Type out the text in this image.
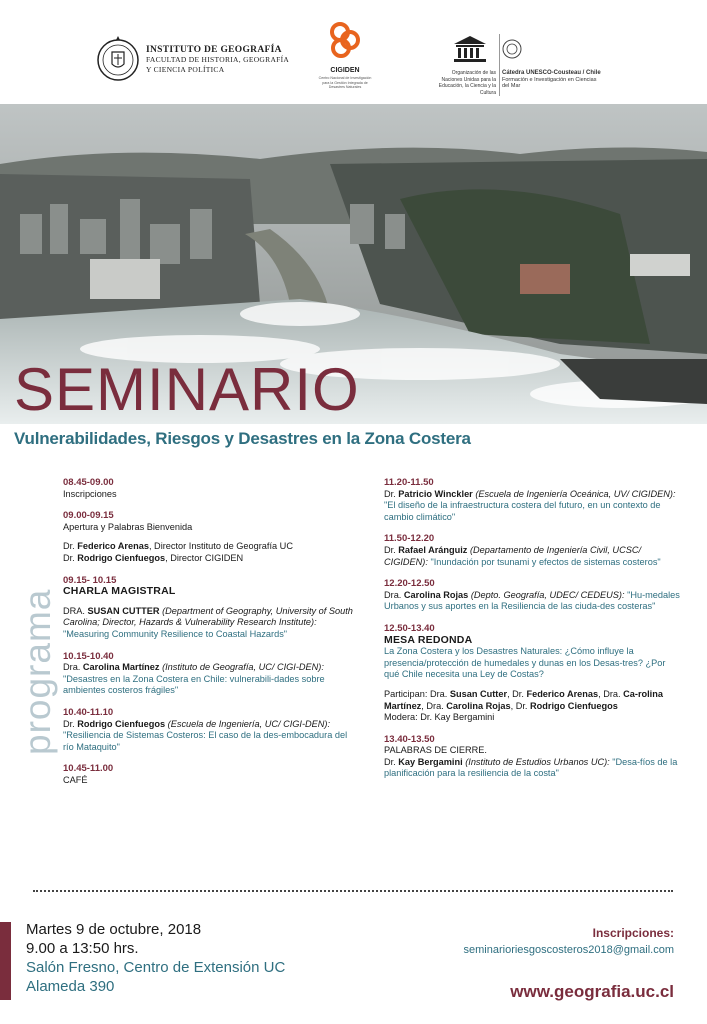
INSTITUTO DE GEOGRAFÍA
FACULTAD DE HISTORIA, GEOGRAFÍA
Y CIENCIA POLÍTICA	CIGIDEN
Centro Nacional de Investigación para la Gestión Integrada de Desastres Naturales
Organización de las Naciones Unidas para la Educación, la Ciencia y la Cultura
Cátedra UNESCO-Cousteau / Chile
Formación e Investigación en Ciencias del Mar
SEMINARIO
Vulnerabilidades, Riesgos y Desastres en la Zona Costera
programa
08.45-09.00
Inscripciones
09.00-09.15
Apertura y Palabras Bienvenida
Dr. Federico Arenas, Director Instituto de Geografía UC
Dr. Rodrigo Cienfuegos, Director CIGIDEN
09.15- 10.15
CHARLA MAGISTRAL
DRA. SUSAN CUTTER (Department of Geography, University of South Carolina; Director, Hazards & Vulnerability Research Institute): "Measuring Community Resilience to Coastal Hazards"
10.15-10.40
Dra. Carolina Martínez (Instituto de Geografía, UC/ CIGI-DEN): "Desastres en la Zona Costera en Chile: vulnerabili-dades sobre ambientes costeros frágiles"
10.40-11.10
Dr. Rodrigo Cienfuegos (Escuela de Ingeniería, UC/ CIGI-DEN): "Resiliencia de Sistemas Costeros: El caso de la des-embocadura del río Mataquito"
10.45-11.00
CAFÉ
11.20-11.50
Dr. Patricio Winckler (Escuela de Ingeniería Oceánica, UV/ CIGIDEN): "El diseño de la infraestructura costera del futuro, en un contexto de cambio climático"
11.50-12.20
Dr. Rafael Aránguiz (Departamento de Ingeniería Civil, UCSC/ CIGIDEN): "Inundación por tsunami y efectos de sistemas costeros"
12.20-12.50
Dra. Carolina Rojas (Depto. Geografía, UDEC/ CEDEUS): "Hu-medales Urbanos y sus aportes en la Resiliencia de las ciuda-des costeras"
12.50-13.40
MESA REDONDA
La Zona Costera y los Desastres Naturales: ¿Cómo influye la presencia/protección de humedales y dunas en los Desas-tres? ¿Por qué Chile necesita una Ley de Costas?
Participan: Dra. Susan Cutter, Dr. Federico Arenas, Dra. Ca-rolina Martínez, Dra. Carolina Rojas, Dr. Rodrigo Cienfuegos
Modera: Dr. Kay Bergamini
13.40-13.50
PALABRAS DE CIERRE.
Dr. Kay Bergamini (Instituto de Estudios Urbanos UC): "Desa-fíos de la planificación para la resiliencia de la costa"
Martes 9 de octubre, 2018
9.00 a 13:50 hrs.
Salón Fresno, Centro de Extensión UC
Alameda 390
Inscripciones:
seminarioriesgoscosteros2018@gmail.com
www.geografia.uc.cl
